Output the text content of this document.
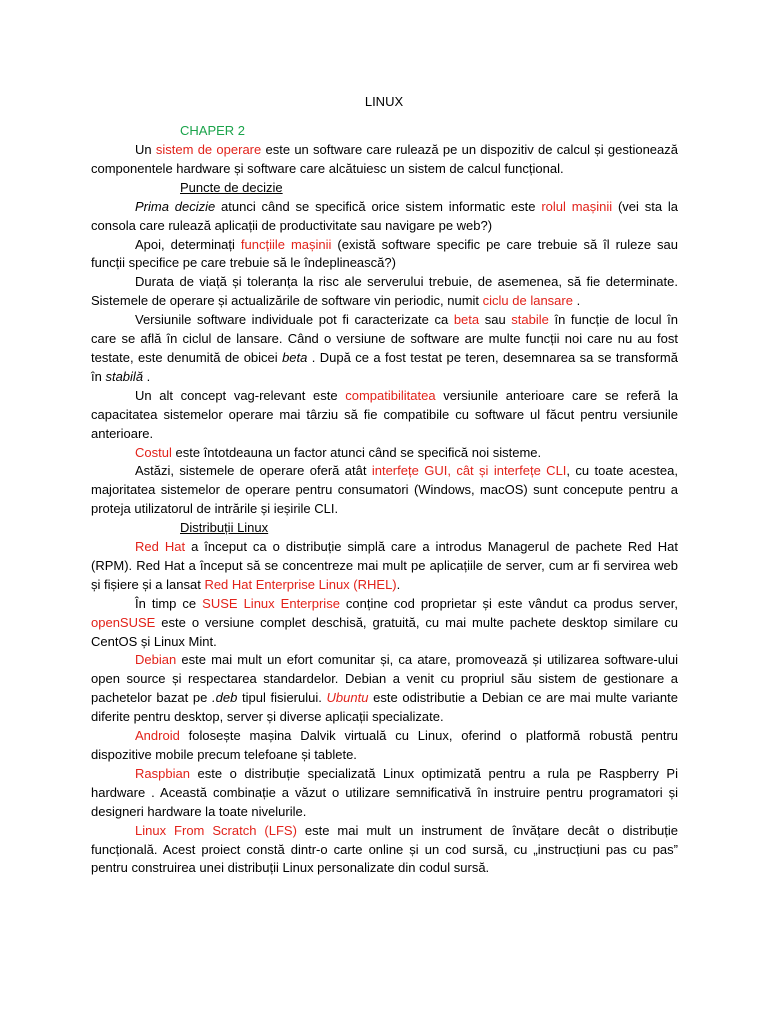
LINUX
CHAPER 2

Un sistem de operare este un software care rulează pe un dispozitiv de calcul și gestionează componentele hardware și software care alcătuiesc un sistem de calcul funcțional.

Puncte de decizie

Prima decizie atunci când se specifică orice sistem informatic este rolul mașinii (vei sta la consola care rulează aplicații de productivitate sau navigare pe web?)

Apoi, determinați funcțiile mașinii (există software specific pe care trebuie să îl ruleze sau funcții specifice pe care trebuie să le îndeplinească?)

Durata de viață și toleranța la risc ale serverului trebuie, de asemenea, să fie determinate. Sistemele de operare și actualizările de software vin periodic, numit ciclu de lansare .

Versiunile software individuale pot fi caracterizate ca beta sau stabile în funcție de locul în care se află în ciclul de lansare. Când o versiune de software are multe funcții noi care nu au fost testate, este denumită de obicei beta . După ce a fost testat pe teren, desemnarea sa se transformă în stabilă .

Un alt concept vag-relevant este compatibilitatea versiunile anterioare care se referă la capacitatea sistemelor operare mai târziu să fie compatibile cu software ul făcut pentru versiunile anterioare.

Costul este întotdeauna un factor atunci când se specifică noi sisteme.

Astăzi, sistemele de operare oferă atât interfețe GUI, cât și interfețe CLI, cu toate acestea, majoritatea sistemelor de operare pentru consumatori (Windows, macOS) sunt concepute pentru a proteja utilizatorul de intrările și ieșirile CLI.

Distribuții Linux

Red Hat a început ca o distribuție simplă care a introdus Managerul de pachete Red Hat (RPM). Red Hat a început să se concentreze mai mult pe aplicațiile de server, cum ar fi servirea web și fișiere și a lansat Red Hat Enterprise Linux (RHEL).

În timp ce SUSE Linux Enterprise conține cod proprietar și este vândut ca produs server, openSUSE este o versiune complet deschisă, gratuită, cu mai multe pachete desktop similare cu CentOS și Linux Mint.

Debian este mai mult un efort comunitar și, ca atare, promovează și utilizarea software-ului open source și respectarea standardelor. Debian a venit cu propriul său sistem de gestionare a pachetelor bazat pe .deb tipul fisierului. Ubuntu este odistributie a Debian ce are mai multe variante diferite pentru desktop, server și diverse aplicații specializate.

Android folosește mașina Dalvik virtuală cu Linux, oferind o platformă robustă pentru dispozitive mobile precum telefoane și tablete.

Raspbian este o distribuție specializată Linux optimizată pentru a rula pe Raspberry Pi hardware . Această combinație a văzut o utilizare semnificativă în instruire pentru programatori și designeri hardware la toate nivelurile.

Linux From Scratch (LFS) este mai mult un instrument de învățare decât o distribuție funcțională. Acest proiect constă dintr-o carte online și un cod sursă, cu „instrucțiuni pas cu pas” pentru construirea unei distribuții Linux personalizate din codul sursă.
